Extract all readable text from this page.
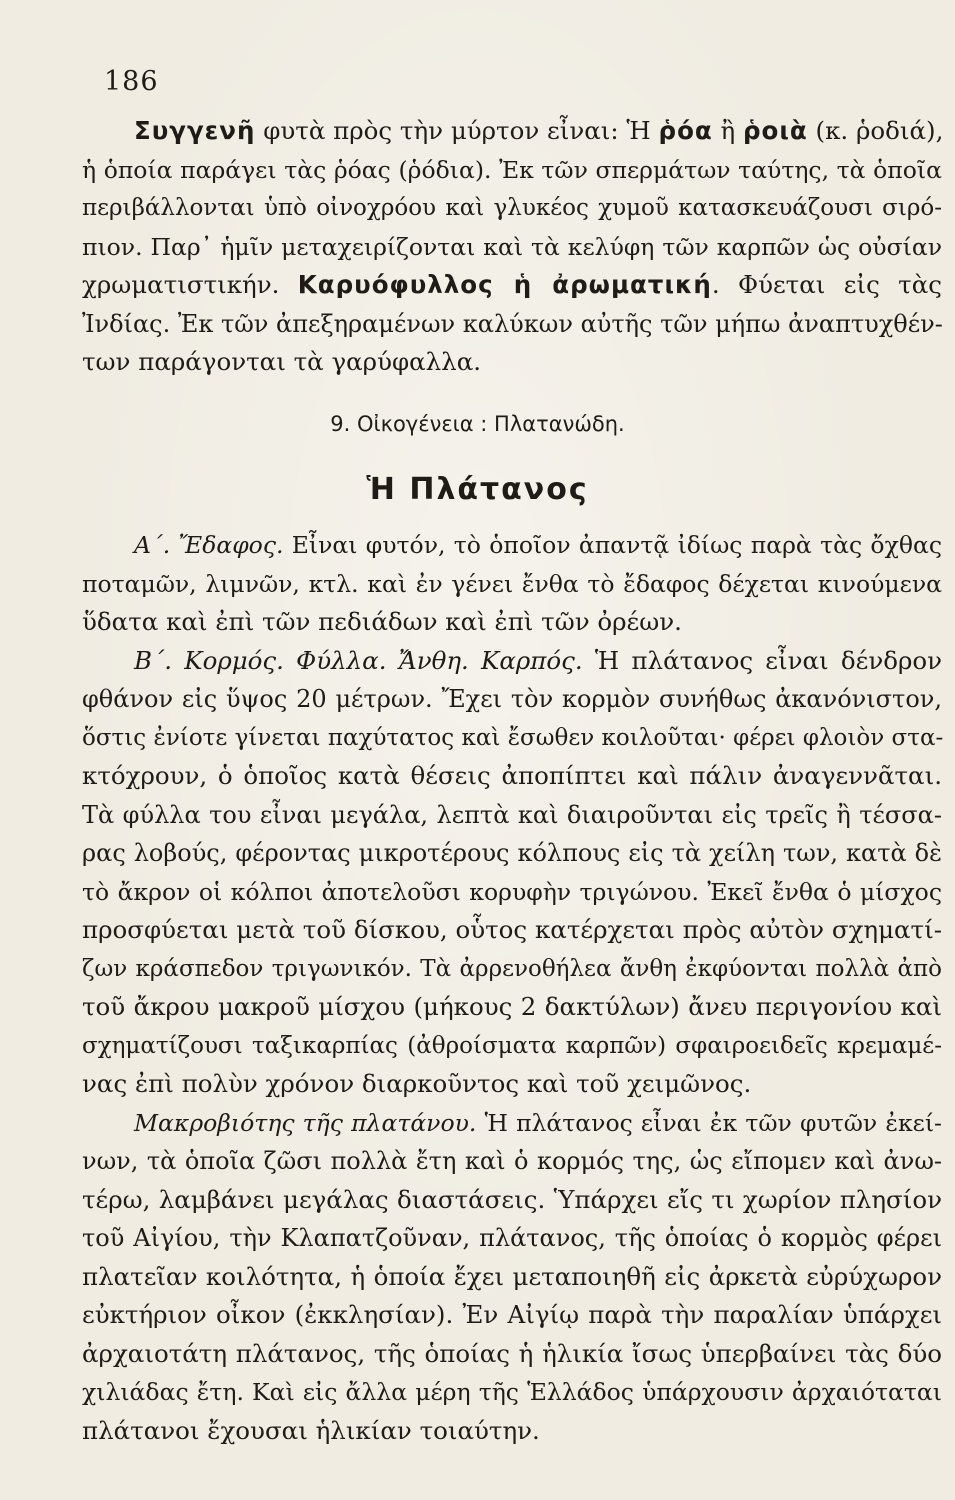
186
Συγγενῆ φυτὰ πρὸς τὴν μύρτον εἶναι: Ἡ ῥόα ἢ ῥοιὰ (κ. ῥοδιά),
ἡ ὁποία παράγει τὰς ῥόας (ῥόδια). Ἐκ τῶν σπερμάτων ταύτης, τὰ ὁποῖα
περιβάλλονται ὑπὸ οἰνοχρόου καὶ γλυκέος χυμοῦ κατασκευάζουσι σιρό-
πιον. Παρ᾽ ἡμῖν μεταχειρίζονται καὶ τὰ κελύφη τῶν καρπῶν ὡς οὐσίαν
χρωματιστικήν. Καρυόφυλλος ἡ ἀρωματική. Φύεται εἰς τὰς
Ἰνδίας. Ἐκ τῶν ἀπεξηραμένων καλύκων αὐτῆς τῶν μήπω ἀναπτυχθέν-
των παράγονται τὰ γαρύφαλλα.
9. Οἰκογένεια : Πλατανώδη.
Ἡ Πλάτανος
Α΄. Ἔδαφος. Εἶναι φυτόν, τὸ ὁποῖον ἀπαντᾷ ἰδίως παρὰ τὰς ὄχθας
ποταμῶν, λιμνῶν, κτλ. καὶ ἐν γένει ἔνθα τὸ ἔδαφος δέχεται κινούμενα
ὕδατα καὶ ἐπὶ τῶν πεδιάδων καὶ ἐπὶ τῶν ὀρέων.
Β΄. Κορμός. Φύλλα. Ἄνθη. Καρπός. Ἡ πλάτανος εἶναι δένδρον
φθάνον εἰς ὕψος 20 μέτρων. Ἔχει τὸν κορμὸν συνήθως ἀκανόνιστον,
ὅστις ἐνίοτε γίνεται παχύτατος καὶ ἔσωθεν κοιλοῦται· φέρει φλοιὸν στα-
κτόχρουν, ὁ ὁποῖος κατὰ θέσεις ἀποπίπτει καὶ πάλιν ἀναγεννᾶται.
Τὰ φύλλα του εἶναι μεγάλα, λεπτὰ καὶ διαιροῦνται εἰς τρεῖς ἢ τέσσα-
ρας λοβούς, φέροντας μικροτέρους κόλπους εἰς τὰ χείλη των, κατὰ δὲ
τὸ ἄκρον οἱ κόλποι ἀποτελοῦσι κορυφὴν τριγώνου. Ἐκεῖ ἔνθα ὁ μίσχος
προσφύεται μετὰ τοῦ δίσκου, οὗτος κατέρχεται πρὸς αὐτὸν σχηματί-
ζων κράσπεδον τριγωνικόν. Τὰ ἀρρενοθήλεα ἄνθη ἐκφύονται πολλὰ ἀπὸ
τοῦ ἄκρου μακροῦ μίσχου (μήκους 2 δακτύλων) ἄνευ περιγονίου καὶ
σχηματίζουσι ταξικαρπίας (ἀθροίσματα καρπῶν) σφαιροειδεῖς κρεμαμέ-
νας ἐπὶ πολὺν χρόνον διαρκοῦντος καὶ τοῦ χειμῶνος.
Μακροβιότης τῆς πλατάνου. Ἡ πλάτανος εἶναι ἐκ τῶν φυτῶν ἐκεί-
νων, τὰ ὁποῖα ζῶσι πολλὰ ἔτη καὶ ὁ κορμός της, ὡς εἴπομεν καὶ ἀνω-
τέρω, λαμβάνει μεγάλας διαστάσεις. Ὑπάρχει εἴς τι χωρίον πλησίον
τοῦ Αἰγίου, τὴν Κλαπατζοῦναν, πλάτανος, τῆς ὁποίας ὁ κορμὸς φέρει
πλατεῖαν κοιλότητα, ἡ ὁποία ἔχει μεταποιηθῆ εἰς ἀρκετὰ εὐρύχωρον
εὐκτήριον οἶκον (ἐκκλησίαν). Ἐν Αἰγίῳ παρὰ τὴν παραλίαν ὑπάρχει
ἀρχαιοτάτη πλάτανος, τῆς ὁποίας ἡ ἡλικία ἴσως ὑπερβαίνει τὰς δύο
χιλιάδας ἔτη. Καὶ εἰς ἄλλα μέρη τῆς Ἑλλάδος ὑπάρχουσιν ἀρχαιόταται
πλάτανοι ἔχουσαι ἡλικίαν τοιαύτην.
